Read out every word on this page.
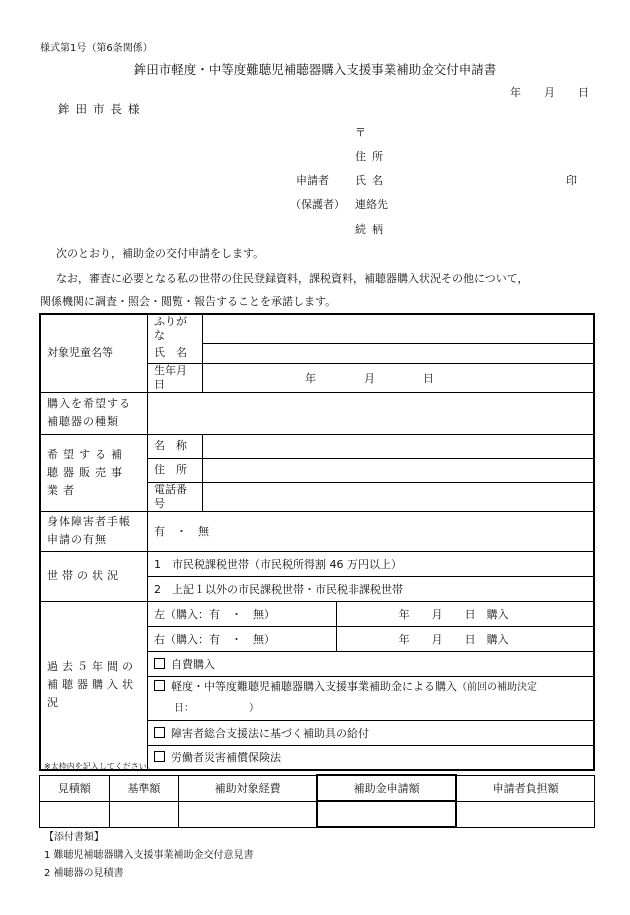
様式第1号（第6条関係）
鉾田市軽度・中等度難聴児補聴器購入支援事業補助金交付申請書
年 月 日
鉾田市長様
〒
住所
申請者 氏名	印
（保護者） 連絡先
続柄
次のとおり，補助金の交付申請をします。
なお，審査に必要となる私の世帯の住民登録資料，課税資料，補聴器購入状況その他について，
関係機関に調査・照会・閲覧・報告することを承諾します。
対象児童名等	ふりがな		
	氏　名		
	生年月日	年 月 日	
購入を希望する補聴器の種類			
希望する補聴器販売事業者	名　称		
	住　所		
	電話番号		
身体障害者手帳申請の有無	有　・　無		
世帯の状況	1　市民税課税世帯（市民税所得割 46 万円以上）		
	2　上記１以外の市民課税世帯・市民税非課税世帯		
過去５年間の補聴器購入状況	左（購入：有　・　無）		年　　月　　日　購入
	右（購入：有　・　無）		年　　月　　日　購入
	自費購入		
	軽度・中等度難聴児補聴器購入支援事業補助金による購入（前回の補助決定
日：　　　　　　）		
	障害者総合支援法に基づく補助具の給付		
	労働者災害補償保険法		
※太枠内を記入してください。
見積額	基準額	補助対象経費	補助金申請額	申請者負担額

【添付書類】
1 難聴児補聴器購入支援事業補助金交付意見書
2 補聴器の見積書
